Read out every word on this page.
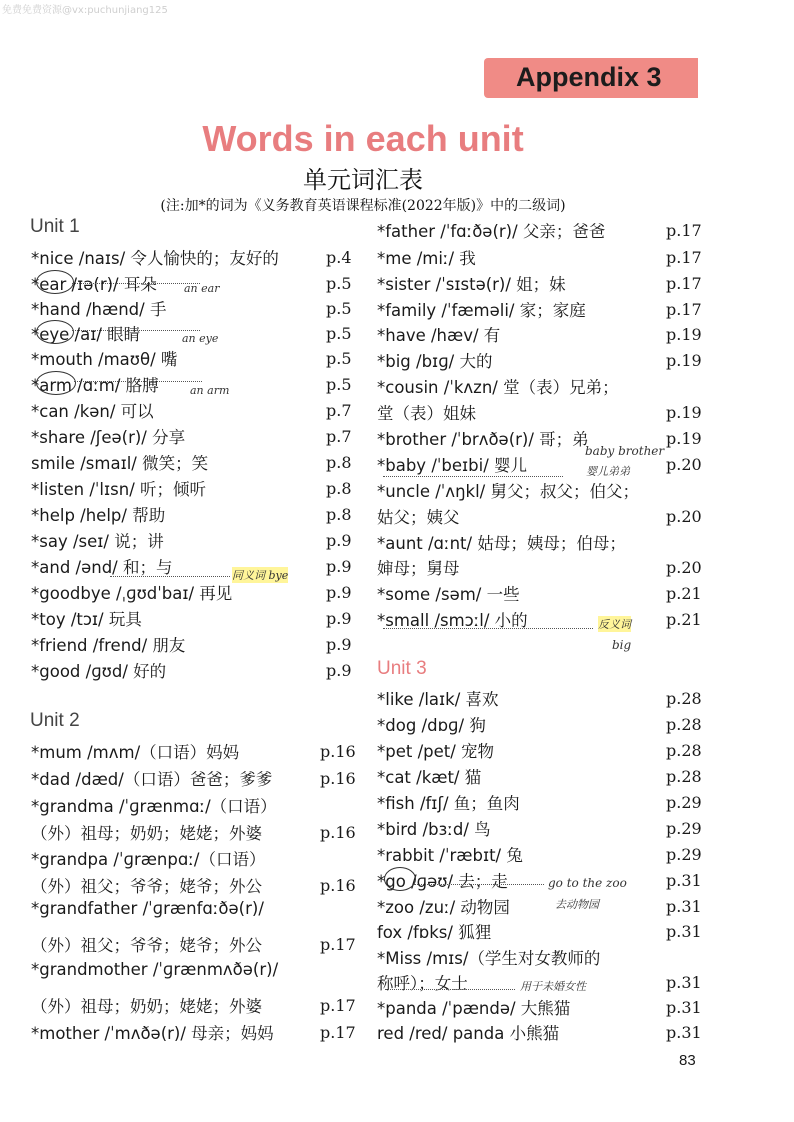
免费免费资源@vx:puchunjiang125
Appendix 3
Words in each unit
单元词汇表
(注:加*的词为《义务教育英语课程标准(2022年版)》中的二级词)
Unit 1
*nice /naɪs/ 令人愉快的；友好的	p.4
*ear /ɪə(r)/ 耳朵	p.5
*hand /hænd/ 手	p.5
*eye /aɪ/ 眼睛	p.5
*mouth /maʊθ/ 嘴	p.5
*arm /ɑːm/ 胳膊	p.5
*can /kən/ 可以	p.7
*share /ʃeə(r)/ 分享	p.7
smile /smaɪl/ 微笑；笑	p.8
*listen /ˈlɪsn/ 听；倾听	p.8
*help /help/ 帮助	p.8
*say /seɪ/ 说；讲	p.9
*and /ənd/ 和；与	p.9
*goodbye /ˌɡʊdˈbaɪ/ 再见	p.9
*toy /tɔɪ/ 玩具	p.9
*friend /frend/ 朋友	p.9
*good /ɡʊd/ 好的	p.9
an ear
an eye
an arm
同义词 bye
Unit 2
*mum /mʌm/（口语）妈妈	p.16
*dad /dæd/（口语）爸爸；爹爹	p.16
*grandma /ˈɡrænmɑː/（口语）
（外）祖母；奶奶；姥姥；外婆	p.16
*grandpa /ˈɡrænpɑː/（口语）
（外）祖父；爷爷；姥爷；外公	p.16
*grandfather /ˈɡrænfɑːðə(r)/
（外）祖父；爷爷；姥爷；外公	p.17
*grandmother /ˈɡrænmʌðə(r)/
（外）祖母；奶奶；姥姥；外婆	p.17
*mother /ˈmʌðə(r)/ 母亲；妈妈	p.17
*father /ˈfɑːðə(r)/ 父亲；爸爸	p.17
*me /miː/ 我	p.17
*sister /ˈsɪstə(r)/ 姐；妹	p.17
*family /ˈfæməli/ 家；家庭	p.17
*have /hæv/ 有	p.19
*big /bɪɡ/ 大的	p.19
*cousin /ˈkʌzn/ 堂（表）兄弟；
堂（表）姐妹	p.19
*brother /ˈbrʌðə(r)/ 哥；弟	p.19
*baby /ˈbeɪbi/ 婴儿	p.20
*uncle /ˈʌŋkl/ 舅父；叔父；伯父；
姑父；姨父	p.20
*aunt /ɑːnt/ 姑母；姨母；伯母；
婶母；舅母	p.20
*some /səm/ 一些	p.21
*small /smɔːl/ 小的	p.21
baby brother
婴儿弟弟
反义词
big
Unit 3
*like /laɪk/ 喜欢	p.28
*dog /dɒɡ/ 狗	p.28
*pet /pet/ 宠物	p.28
*cat /kæt/ 猫	p.28
*fish /fɪʃ/ 鱼；鱼肉	p.29
*bird /bɜːd/ 鸟	p.29
*rabbit /ˈræbɪt/ 兔	p.29
*go /ɡəʊ/ 去；走	p.31
*zoo /zuː/ 动物园	p.31
fox /fɒks/ 狐狸	p.31
*Miss /mɪs/（学生对女教师的
称呼）；女士	p.31
*panda /ˈpændə/ 大熊猫	p.31
red /red/ panda 小熊猫	p.31
go to the zoo
去动物园
用于未婚女性
83
